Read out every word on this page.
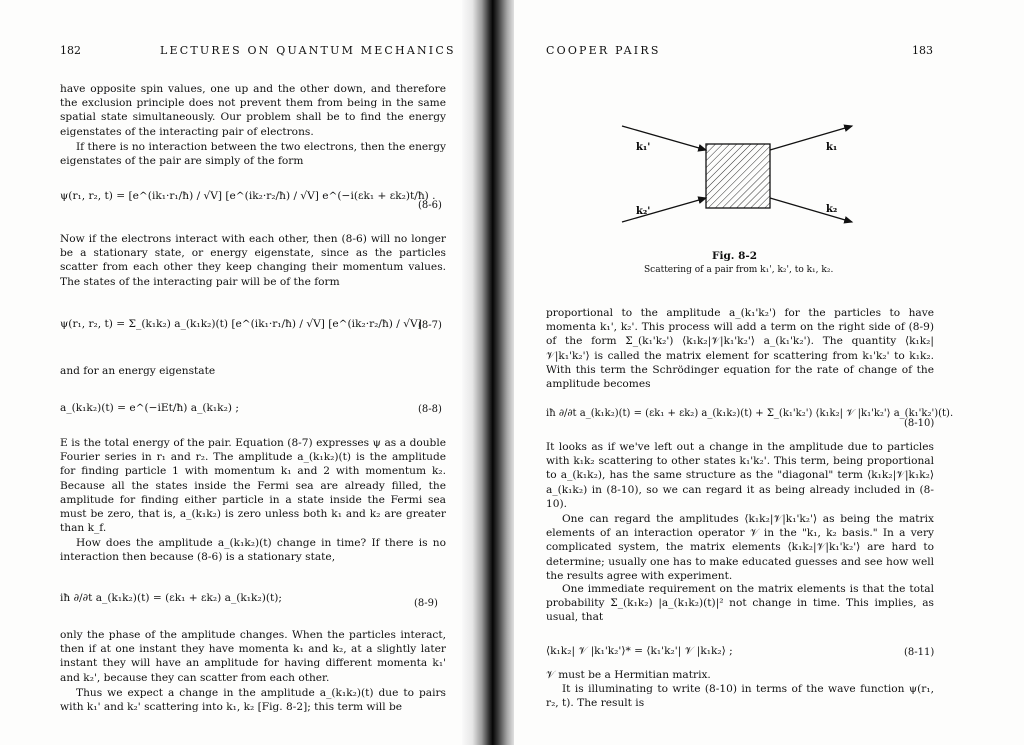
182	LECTURES ON QUANTUM MECHANICS

have opposite spin values, one up and the other down, and therefore the exclusion principle does not prevent them from being in the same spatial state simultaneously. Our problem shall be to find the energy eigenstates of the interacting pair of electrons.

If there is no interaction between the two electrons, then the energy eigenstates of the pair are simply of the form

ψ(r₁, r₂, t) = [e^(ik₁·r₁/ħ) / √V] [e^(ik₂·r₂/ħ) / √V] e^(−i(εk₁ + εk₂)t/ħ) .
(8-6)

Now if the electrons interact with each other, then (8-6) will no longer be a stationary state, or energy eigenstate, since as the particles scatter from each other they keep changing their momentum values. The states of the interacting pair will be of the form

ψ(r₁, r₂, t) = Σ_(k₁k₂) a_(k₁k₂)(t) [e^(ik₁·r₁/ħ) / √V] [e^(ik₂·r₂/ħ) / √V]
(8-7)

and for an energy eigenstate

a_(k₁k₂)(t) = e^(−iEt/ħ) a_(k₁k₂) ;	(8-8)

E is the total energy of the pair. Equation (8-7) expresses ψ as a double Fourier series in r₁ and r₂. The amplitude a_(k₁k₂)(t) is the amplitude for finding particle 1 with momentum k₁ and 2 with momentum k₂. Because all the states inside the Fermi sea are already filled, the amplitude for finding either particle in a state inside the Fermi sea must be zero, that is, a_(k₁k₂) is zero unless both k₁ and k₂ are greater than k_f.

How does the amplitude a_(k₁k₂)(t) change in time? If there is no interaction then because (8-6) is a stationary state,

iħ ∂/∂t a_(k₁k₂)(t) = (εk₁ + εk₂) a_(k₁k₂)(t);	(8-9)

only the phase of the amplitude changes. When the particles interact, then if at one instant they have momenta k₁ and k₂, at a slightly later instant they will have an amplitude for having different momenta k₁' and k₂', because they can scatter from each other.

Thus we expect a change in the amplitude a_(k₁k₂)(t) due to pairs with k₁' and k₂' scattering into k₁, k₂ [Fig. 8-2]; this term will be

COOPER PAIRS	183
k₁'
k₂'
k₁
k₂
Fig. 8-2
Scattering of a pair from k₁', k₂', to k₁, k₂.

proportional to the amplitude a_(k₁'k₂') for the particles to have momenta k₁', k₂'. This process will add a term on the right side of (8-9) of the form Σ_(k₁'k₂') ⟨k₁k₂|𝒱|k₁'k₂'⟩ a_(k₁'k₂'). The quantity ⟨k₁k₂|𝒱|k₁'k₂'⟩ is called the matrix element for scattering from k₁'k₂' to k₁k₂. With this term the Schrödinger equation for the rate of change of the amplitude becomes

iħ ∂/∂t a_(k₁k₂)(t) = (εk₁ + εk₂) a_(k₁k₂)(t) + Σ_(k₁'k₂') ⟨k₁k₂| 𝒱 |k₁'k₂'⟩ a_(k₁'k₂')(t).
(8-10)

It looks as if we've left out a change in the amplitude due to particles with k₁k₂ scattering to other states k₁'k₂'. This term, being proportional to a_(k₁k₂), has the same structure as the "diagonal" term ⟨k₁k₂|𝒱|k₁k₂⟩ a_(k₁k₂) in (8-10), so we can regard it as being already included in (8-10).

One can regard the amplitudes ⟨k₁k₂|𝒱|k₁'k₂'⟩ as being the matrix elements of an interaction operator 𝒱 in the "k₁, k₂ basis." In a very complicated system, the matrix elements ⟨k₁k₂|𝒱|k₁'k₂'⟩ are hard to determine; usually one has to make educated guesses and see how well the results agree with experiment.

One immediate requirement on the matrix elements is that the total probability Σ_(k₁k₂) |a_(k₁k₂)(t)|² not change in time. This implies, as usual, that

⟨k₁k₂| 𝒱 |k₁'k₂'⟩* = ⟨k₁'k₂'| 𝒱 |k₁k₂⟩ ;	(8-11)

𝒱 must be a Hermitian matrix.

It is illuminating to write (8-10) in terms of the wave function ψ(r₁, r₂, t). The result is
